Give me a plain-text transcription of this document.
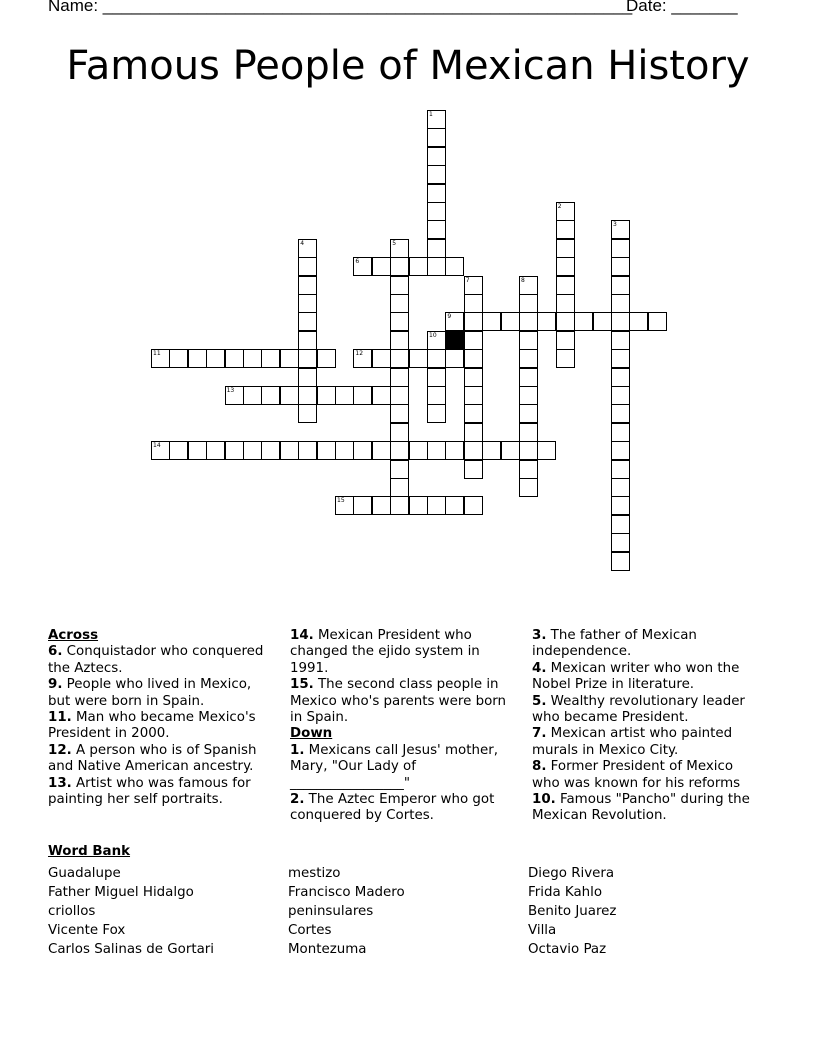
Name: ________________________________________________________
Date: _______
Famous People of Mexican History
1
2
3
4	5
6
7	8
9
10
11	12
13
14
15
Across
6. Conquistador who conquered the Aztecs.
9. People who lived in Mexico, but were born in Spain.
11. Man who became Mexico's President in 2000.
12. A person who is of Spanish and Native American ancestry.
13. Artist who was famous for painting her self portraits.
14. Mexican President who changed the ejido system in 1991.
15. The second class people in Mexico who's parents were born in Spain.
Down
1. Mexicans call Jesus' mother, Mary, "Our Lady of _________________"
2. The Aztec Emperor who got conquered by Cortes.
3. The father of Mexican independence.
4. Mexican writer who won the Nobel Prize in literature.
5. Wealthy revolutionary leader who became President.
7. Mexican artist who painted murals in Mexico City.
8. Former President of Mexico who was known for his reforms
10. Famous "Pancho" during the Mexican Revolution.
Word Bank
Guadalupe
Father Miguel Hidalgo
criollos
Vicente Fox
Carlos Salinas de Gortari
mestizo
Francisco Madero
peninsulares
Cortes
Montezuma
Diego Rivera
Frida Kahlo
Benito Juarez
Villa
Octavio Paz
